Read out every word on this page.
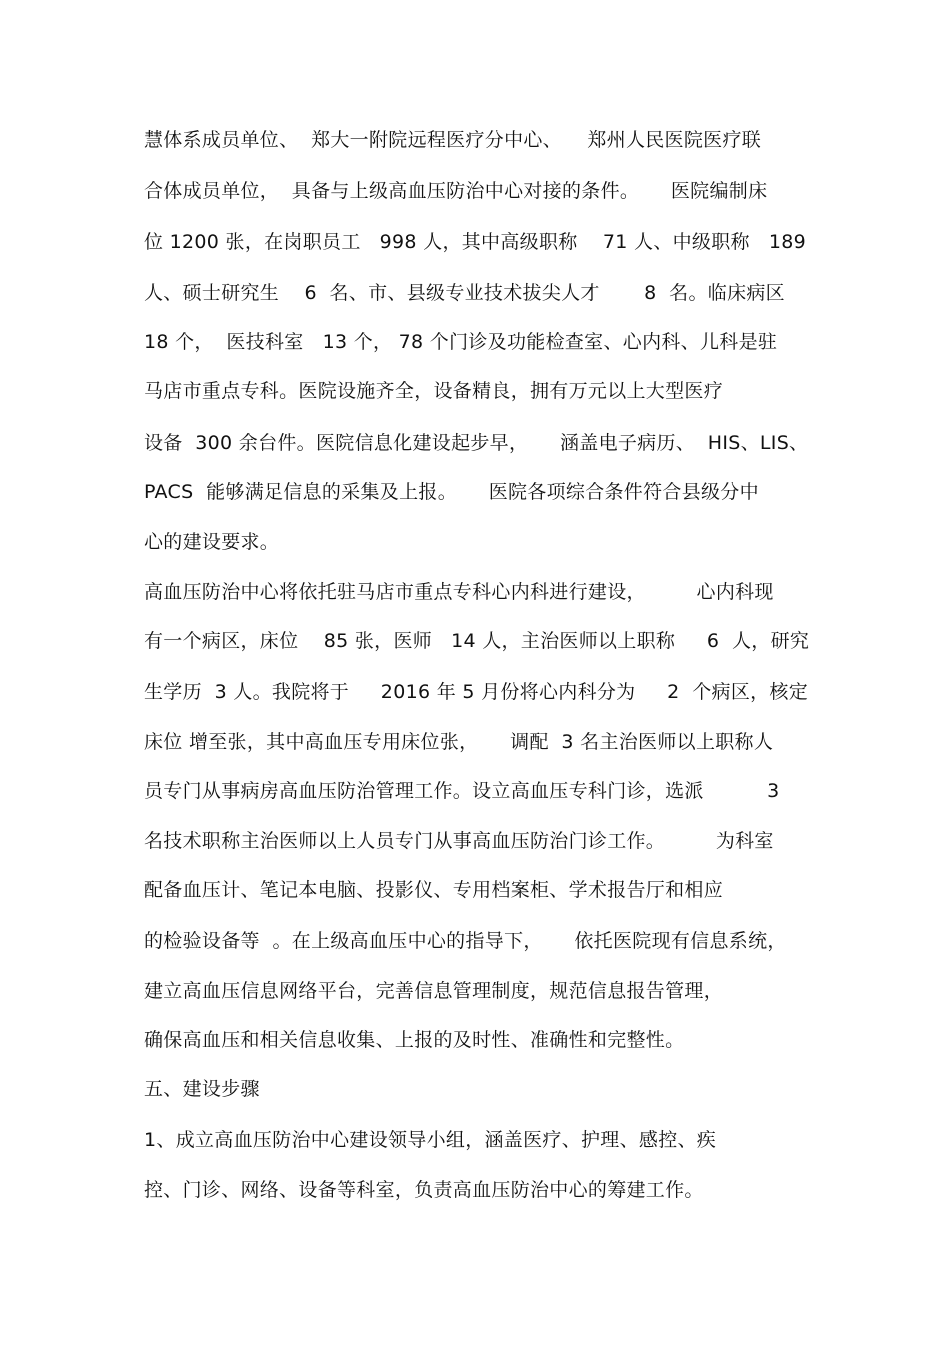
慧体系成员单位、  郑大一附院远程医疗分中心、    郑州人民医院医疗联
合体成员单位，  具备与上级高血压防治中心对接的条件。     医院编制床
位 1200 张，在岗职员工   998 人，其中高级职称    71 人、中级职称   189
人、硕士研究生    6  名、市、县级专业技术拔尖人才       8  名。临床病区
18 个，  医技科室   13 个， 78 个门诊及功能检查室、心内科、儿科是驻
马店市重点专科。医院设施齐全，设备精良，拥有万元以上大型医疗
设备  300 余台件。医院信息化建设起步早，     涵盖电子病历、  HIS、LIS、
PACS  能够满足信息的采集及上报。     医院各项综合条件符合县级分中
心的建设要求。
高血压防治中心将依托驻马店市重点专科心内科进行建设，        心内科现
有一个病区，床位    85 张，医师   14 人，主治医师以上职称     6  人，研究
生学历  3 人。我院将于     2016 年 5 月份将心内科分为     2  个病区，核定
床位 增至张，其中高血压专用床位张，     调配  3 名主治医师以上职称人
员专门从事病房高血压防治管理工作。设立高血压专科门诊，选派          3
名技术职称主治医师以上人员专门从事高血压防治门诊工作。        为科室
配备血压计、笔记本电脑、投影仪、专用档案柜、学术报告厅和相应
的检验设备等  。在上级高血压中心的指导下，     依托医院现有信息系统，
建立高血压信息网络平台，完善信息管理制度，规范信息报告管理，
确保高血压和相关信息收集、上报的及时性、准确性和完整性。
五、建设步骤
1、成立高血压防治中心建设领导小组，涵盖医疗、护理、感控、疾
控、门诊、网络、设备等科室，负责高血压防治中心的筹建工作。
